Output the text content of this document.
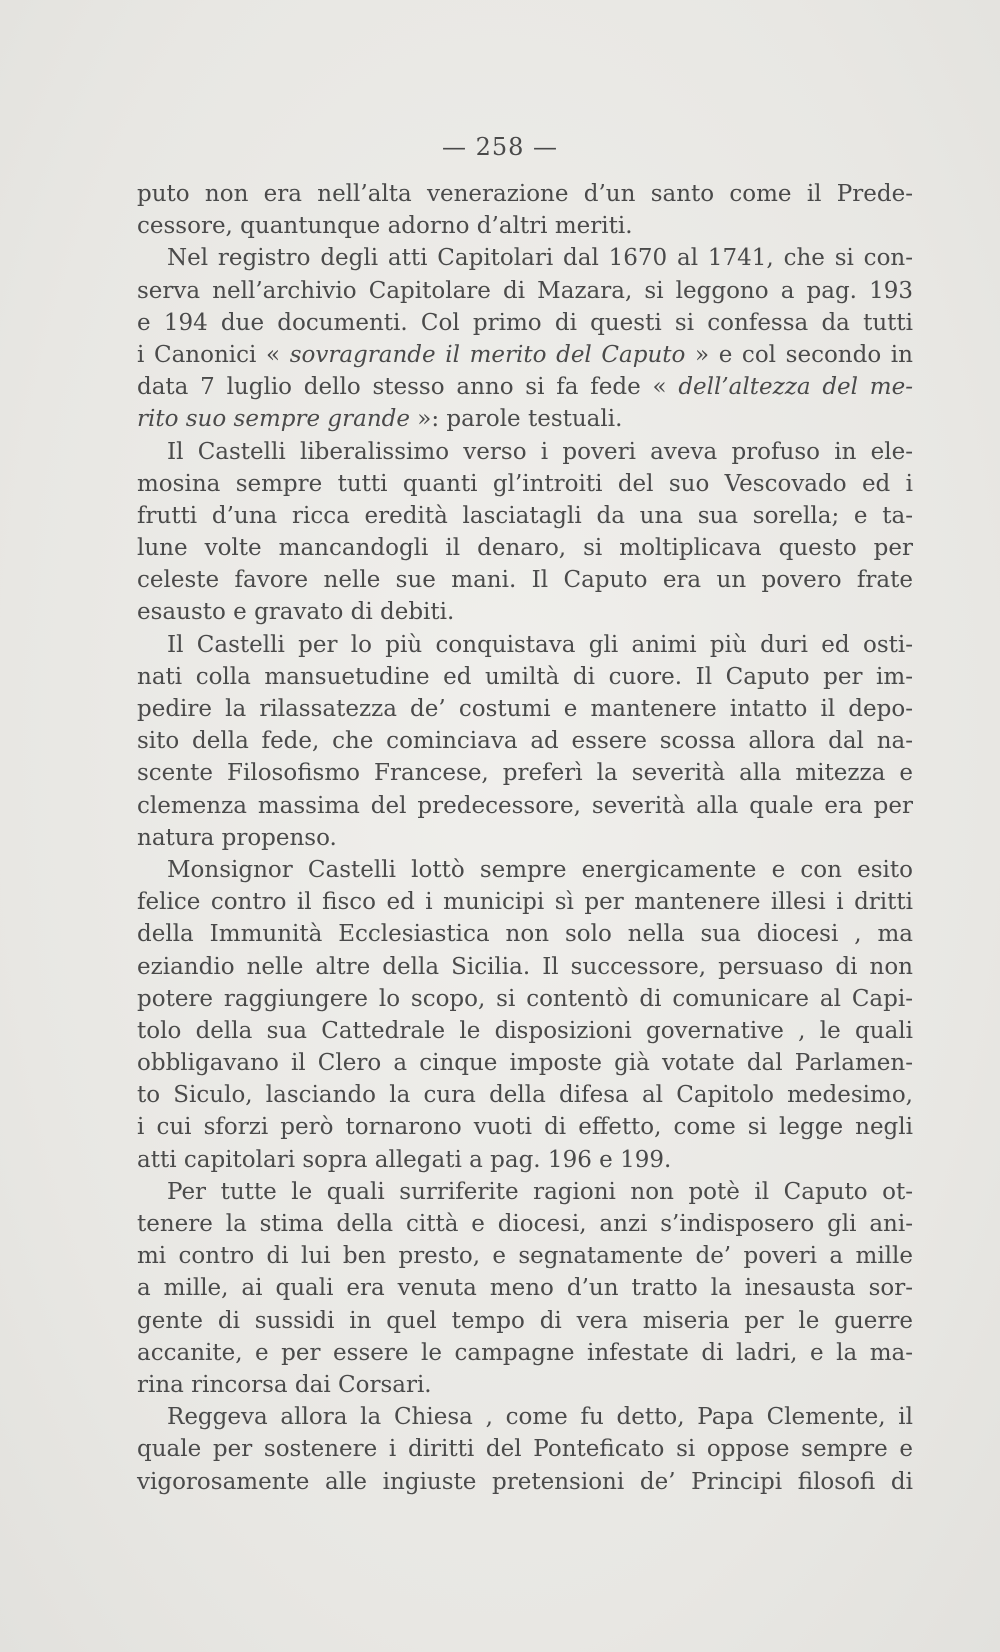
— 258 —
puto non era nell’alta venerazione d’un santo come il Prede-
cessore, quantunque adorno d’altri meriti.
Nel registro degli atti Capitolari dal 1670 al 1741, che si con-
serva nell’archivio Capitolare di Mazara, si leggono a pag. 193
e 194 due documenti. Col primo di questi si confessa da tutti
i Canonici « sovragrande il merito del Caputo » e col secondo in
data 7 luglio dello stesso anno si fa fede « dell’altezza del me-
rito suo sempre grande »: parole testuali.
Il Castelli liberalissimo verso i poveri aveva profuso in ele-
mosina sempre tutti quanti gl’introiti del suo Vescovado ed i
frutti d’una ricca eredità lasciatagli da una sua sorella; e ta-
lune volte mancandogli il denaro, si moltiplicava questo per
celeste favore nelle sue mani. Il Caputo era un povero frate
esausto e gravato di debiti.
Il Castelli per lo più conquistava gli animi più duri ed osti-
nati colla mansuetudine ed umiltà di cuore. Il Caputo per im-
pedire la rilassatezza de’ costumi e mantenere intatto il depo-
sito della fede, che cominciava ad essere scossa allora dal na-
scente Filosofismo Francese, preferì la severità alla mitezza e
clemenza massima del predecessore, severità alla quale era per
natura propenso.
Monsignor Castelli lottò sempre energicamente e con esito
felice contro il fisco ed i municipi sì per mantenere illesi i dritti
della Immunità Ecclesiastica non solo nella sua diocesi , ma
eziandio nelle altre della Sicilia. Il successore, persuaso di non
potere raggiungere lo scopo, si contentò di comunicare al Capi-
tolo della sua Cattedrale le disposizioni governative , le quali
obbligavano il Clero a cinque imposte già votate dal Parlamen-
to Siculo, lasciando la cura della difesa al Capitolo medesimo,
i cui sforzi però tornarono vuoti di effetto, come si legge negli
atti capitolari sopra allegati a pag. 196 e 199.
Per tutte le quali surriferite ragioni non potè il Caputo ot-
tenere la stima della città e diocesi, anzi s’indisposero gli ani-
mi contro di lui ben presto, e segnatamente de’ poveri a mille
a mille, ai quali era venuta meno d’un tratto la inesausta sor-
gente di sussidi in quel tempo di vera miseria per le guerre
accanite, e per essere le campagne infestate di ladri, e la ma-
rina rincorsa dai Corsari.
Reggeva allora la Chiesa , come fu detto, Papa Clemente, il
quale per sostenere i diritti del Ponteficato si oppose sempre e
vigorosamente alle ingiuste pretensioni de’ Principi filosofi di
